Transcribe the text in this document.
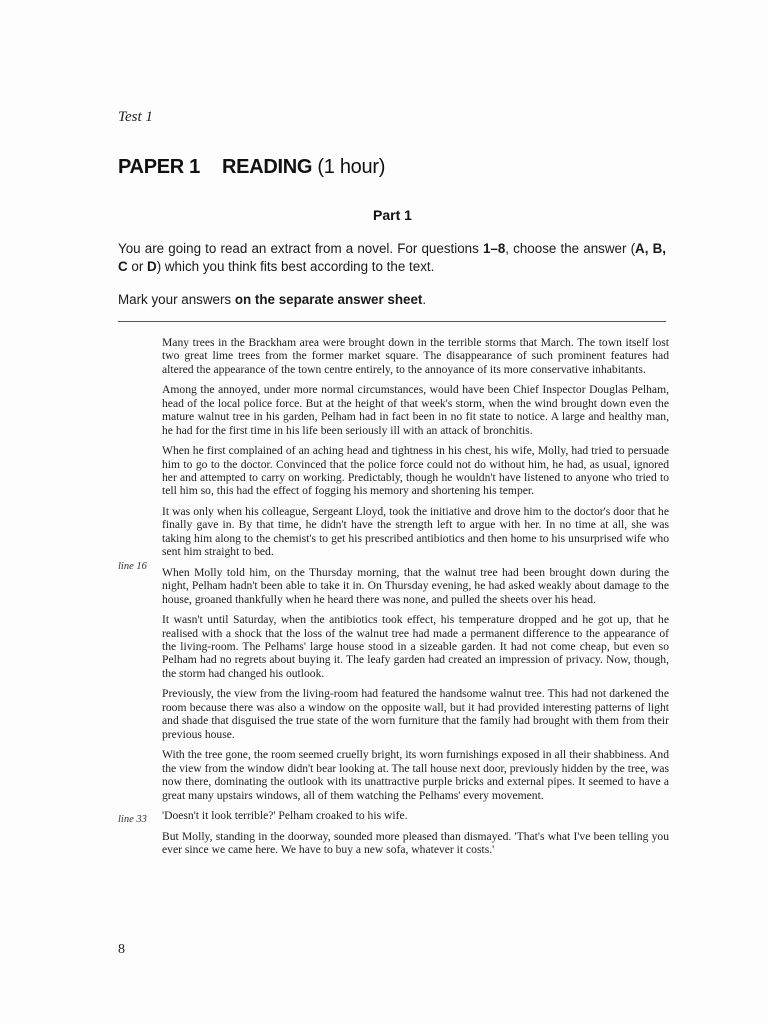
Test 1
PAPER 1 READING (1 hour)
Part 1
You are going to read an extract from a novel. For questions 1–8, choose the answer (A, B, C or D) which you think fits best according to the text.
Mark your answers on the separate answer sheet.

Many trees in the Brackham area were brought down in the terrible storms that March. The town itself lost two great lime trees from the former market square. The disappearance of such prominent features had altered the appearance of the town centre entirely, to the annoyance of its more conservative inhabitants.

Among the annoyed, under more normal circumstances, would have been Chief Inspector Douglas Pelham, head of the local police force. But at the height of that week's storm, when the wind brought down even the mature walnut tree in his garden, Pelham had in fact been in no fit state to notice. A large and healthy man, he had for the first time in his life been seriously ill with an attack of bronchitis.

When he first complained of an aching head and tightness in his chest, his wife, Molly, had tried to persuade him to go to the doctor. Convinced that the police force could not do without him, he had, as usual, ignored her and attempted to carry on working. Predictably, though he wouldn't have listened to anyone who tried to tell him so, this had the effect of fogging his memory and shortening his temper.

It was only when his colleague, Sergeant Lloyd, took the initiative and drove him to the doctor's door that he finally gave in. By that time, he didn't have the strength left to argue with her. In no time at all, she was taking him along to the chemist's to get his prescribed antibiotics and then home to his unsurprised wife who sent him straight to bed.

When Molly told him, on the Thursday morning, that the walnut tree had been brought down during the night, Pelham hadn't been able to take it in. On Thursday evening, he had asked weakly about damage to the house, groaned thankfully when he heard there was none, and pulled the sheets over his head.

It wasn't until Saturday, when the antibiotics took effect, his temperature dropped and he got up, that he realised with a shock that the loss of the walnut tree had made a permanent difference to the appearance of the living-room. The Pelhams' large house stood in a sizeable garden. It had not come cheap, but even so Pelham had no regrets about buying it. The leafy garden had created an impression of privacy. Now, though, the storm had changed his outlook.

Previously, the view from the living-room had featured the handsome walnut tree. This had not darkened the room because there was also a window on the opposite wall, but it had provided interesting patterns of light and shade that disguised the true state of the worn furniture that the family had brought with them from their previous house.

With the tree gone, the room seemed cruelly bright, its worn furnishings exposed in all their shabbiness. And the view from the window didn't bear looking at. The tall house next door, previously hidden by the tree, was now there, dominating the outlook with its unattractive purple bricks and external pipes. It seemed to have a great many upstairs windows, all of them watching the Pelhams' every movement.

'Doesn't it look terrible?' Pelham croaked to his wife.

But Molly, standing in the doorway, sounded more pleased than dismayed. 'That's what I've been telling you ever since we came here. We have to buy a new sofa, whatever it costs.'

line 16
line 33
8
